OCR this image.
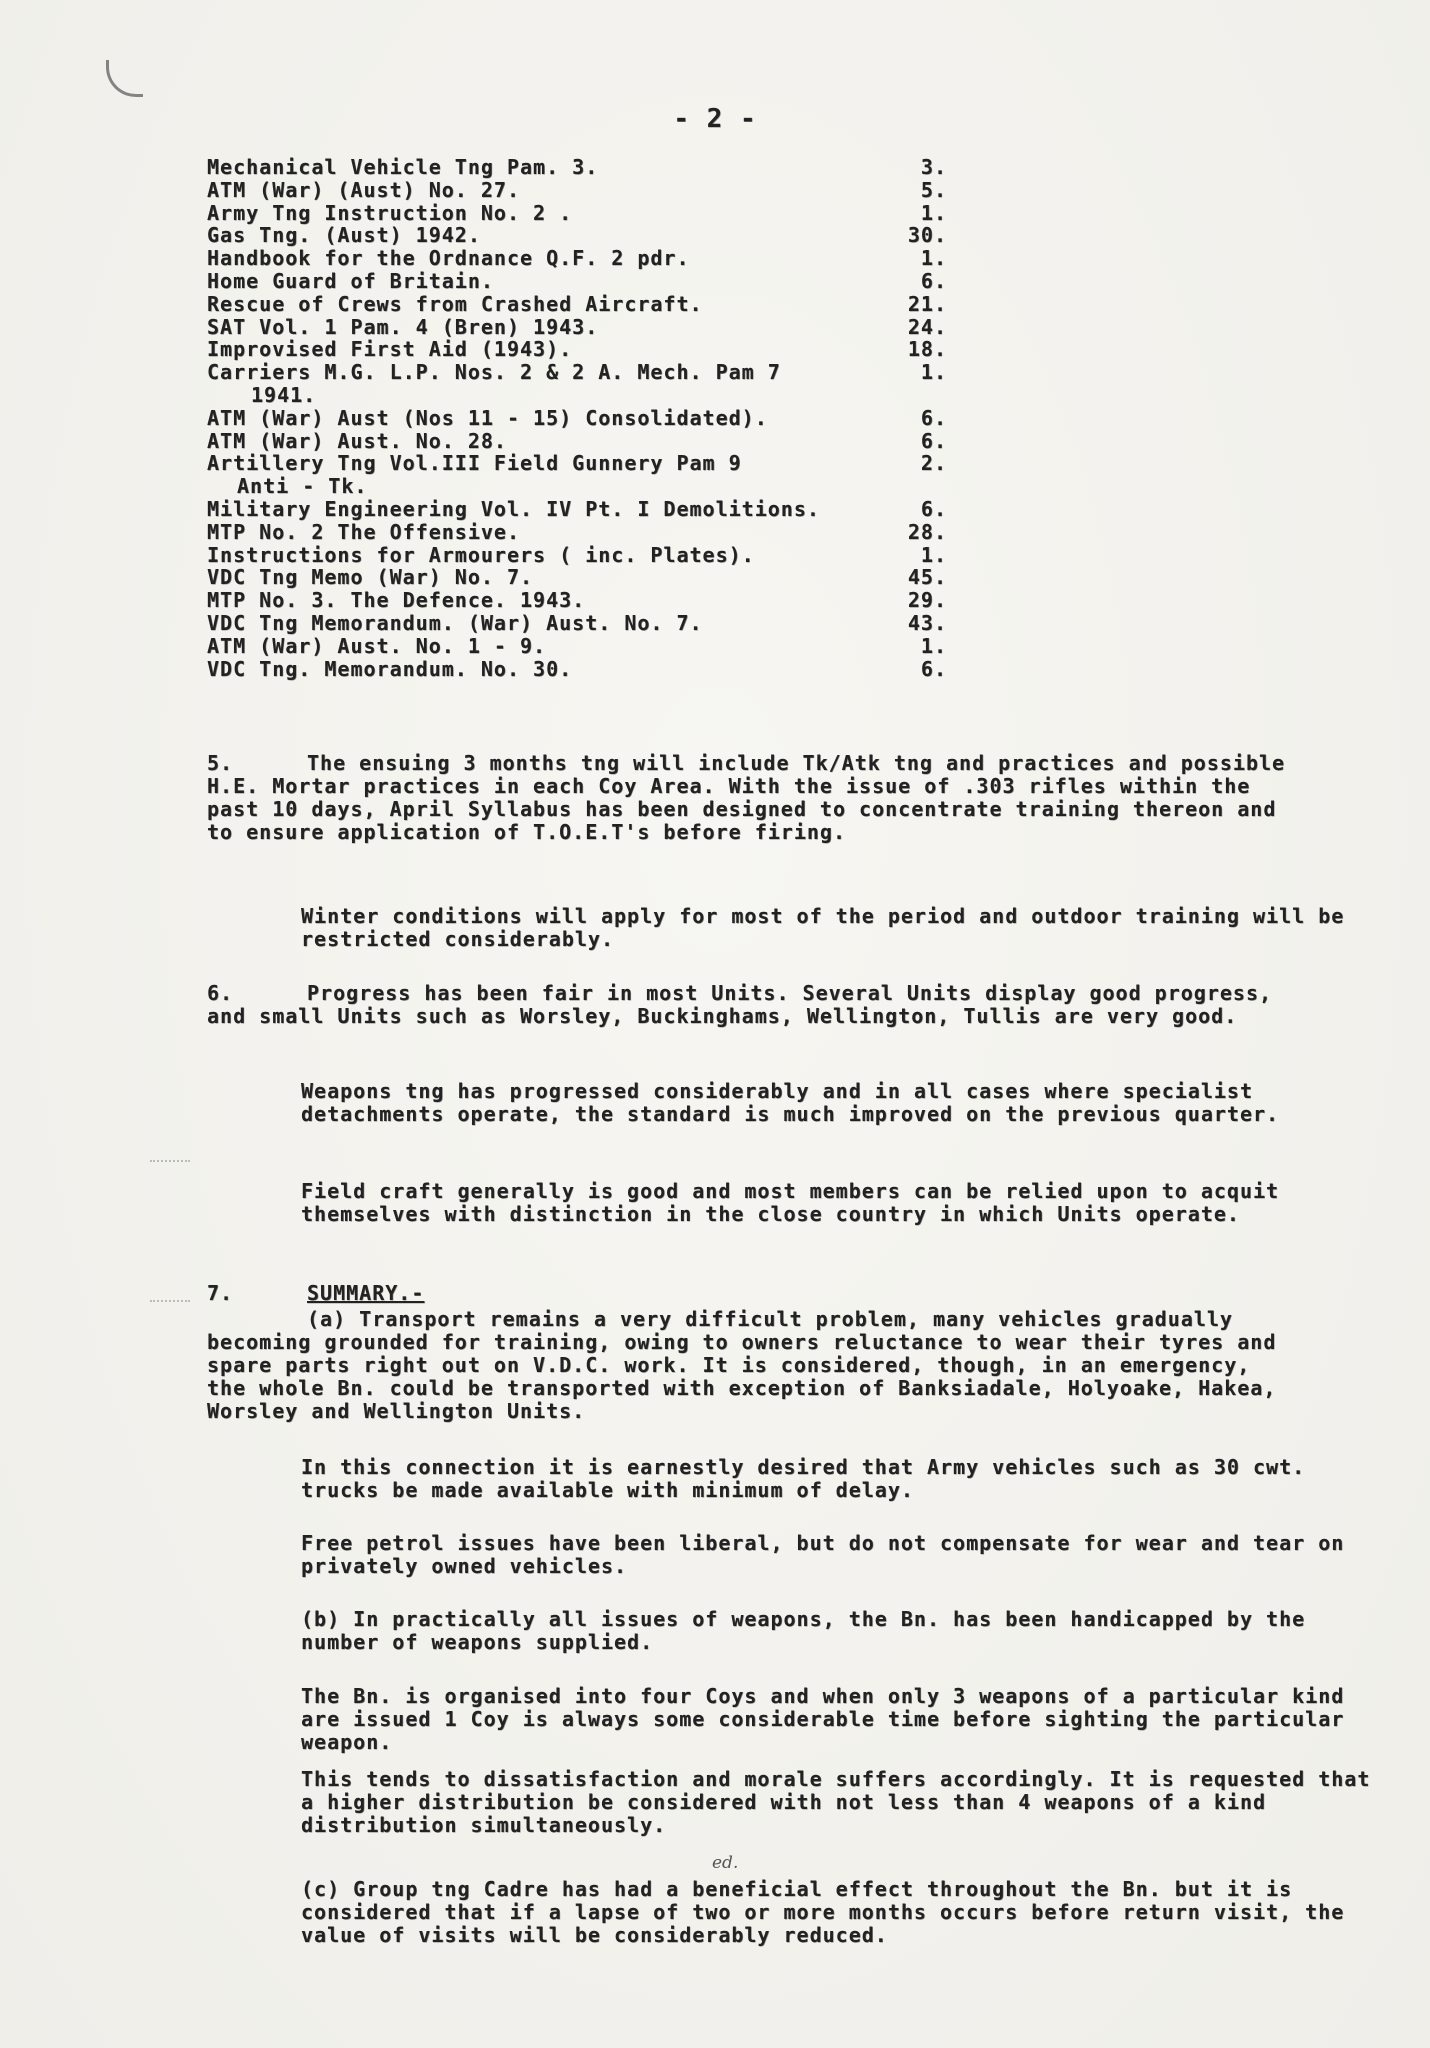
- 2 -
Mechanical Vehicle Tng Pam. 3.	3.
ATM (War) (Aust) No. 27.	5.
Army Tng Instruction No. 2 .	1.
Gas Tng. (Aust) 1942.	30.
Handbook for the Ordnance Q.F. 2 pdr.	1.
Home Guard of Britain.	6.
Rescue of Crews from Crashed Aircraft.	21.
SAT Vol. 1 Pam. 4 (Bren) 1943.	24.
Improvised First Aid (1943).	18.
Carriers M.G. L.P. Nos. 2 & 2 A. Mech. Pam 7	1.
1941.
ATM (War) Aust (Nos 11 - 15) Consolidated).	6.
ATM (War) Aust. No. 28.	6.
Artillery Tng Vol.III Field Gunnery Pam 9	2.
Anti - Tk.
Military Engineering Vol. IV Pt. I Demolitions.	6.
MTP No. 2 The Offensive.	28.
Instructions for Armourers ( inc. Plates).	1.
VDC Tng Memo (War) No. 7.	45.
MTP No. 3. The Defence. 1943.	29.
VDC Tng Memorandum. (War) Aust. No. 7.	43.
ATM (War) Aust. No. 1 - 9.	1.
VDC Tng. Memorandum. No. 30.	6.

5.	The ensuing 3 months tng will include Tk/Atk tng and practices and possible H.E. Mortar practices in each Coy Area. With the issue of .303 rifles within the past 10 days, April Syllabus has been designed to concentrate training thereon and to ensure application of T.O.E.T's before firing.

Winter conditions will apply for most of the period and outdoor training will be restricted considerably.

6.	Progress has been fair in most Units. Several Units display good progress, and small Units such as Worsley, Buckinghams, Wellington, Tullis are very good.

Weapons tng has progressed considerably and in all cases where specialist detachments operate, the standard is much improved on the previous quarter.

Field craft generally is good and most members can be relied upon to acquit themselves with distinction in the close country in which Units operate.

7.	SUMMARY.-

(a) Transport remains a very difficult problem, many vehicles gradually becoming grounded for training, owing to owners reluctance to wear their tyres and spare parts right out on V.D.C. work. It is considered, though, in an emergency, the whole Bn. could be transported with exception of Banksiadale, Holyoake, Hakea, Worsley and Wellington Units.

In this connection it is earnestly desired that Army vehicles such as 30 cwt. trucks be made available with minimum of delay.

Free petrol issues have been liberal, but do not compensate for wear and tear on privately owned vehicles.

(b) In practically all issues of weapons, the Bn. has been handicapped by the number of weapons supplied.

The Bn. is organised into four Coys and when only 3 weapons of a particular kind are issued 1 Coy is always some considerable time before sighting the particular weapon.

This tends to dissatisfaction and morale suffers accordingly. It is requested that a higher distribution be considered with not less than 4 weapons of a kind distribution simultaneously.

ed.

(c) Group tng Cadre has had a beneficial effect throughout the Bn. but it is considered that if a lapse of two or more months occurs before return visit, the value of visits will be considerably reduced.
